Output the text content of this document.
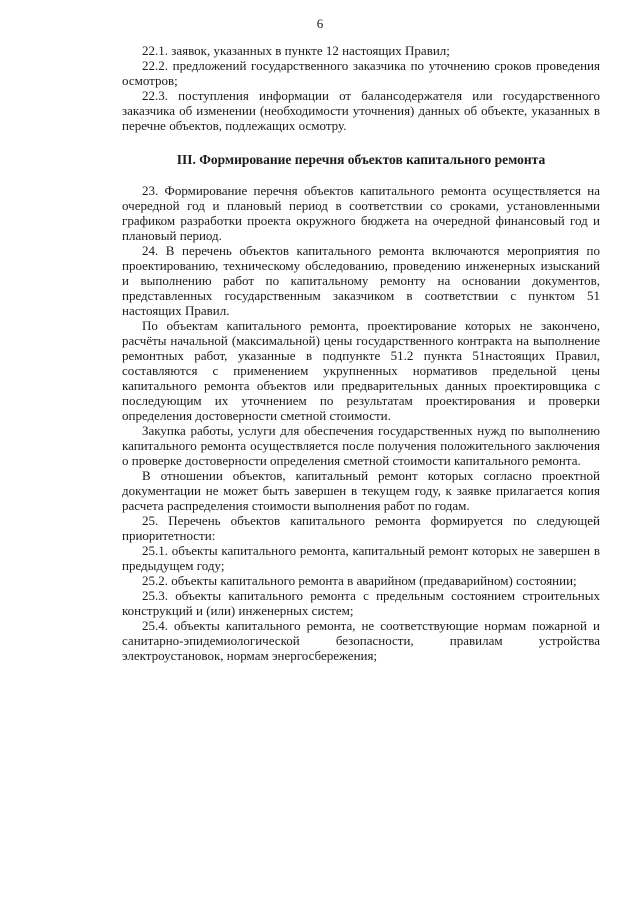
6

22.1. заявок, указанных в пункте 12 настоящих Правил;

22.2. предложений государственного заказчика по уточнению сроков проведения осмотров;

22.3. поступления информации от балансодержателя или государственного заказчика об изменении (необходимости уточнения) данных об объекте, указанных в перечне объектов, подлежащих осмотру.

III. Формирование перечня объектов капитального ремонта

23. Формирование перечня объектов капитального ремонта осуществляется на очередной год и плановый период в соответствии со сроками, установленными графиком разработки проекта окружного бюджета на очередной финансовый год и плановый период.

24. В перечень объектов капитального ремонта включаются мероприятия по проектированию, техническому обследованию, проведению инженерных изысканий и выполнению работ по капитальному ремонту на основании документов, представленных государственным заказчиком в соответствии с пунктом 51 настоящих Правил.

По объектам капитального ремонта, проектирование которых не закончено, расчёты начальной (максимальной) цены государственного контракта на выполнение ремонтных работ, указанные в подпункте 51.2 пункта 51настоящих Правил, составляются с применением укрупненных нормативов предельной цены капитального ремонта объектов или предварительных данных проектировщика с последующим их уточнением по результатам проектирования и проверки определения достоверности сметной стоимости.

Закупка работы, услуги для обеспечения государственных нужд по выполнению капитального ремонта осуществляется после получения положительного заключения о проверке достоверности определения сметной стоимости капитального ремонта.

В отношении объектов, капитальный ремонт которых согласно проектной документации не может быть завершен в текущем году, к заявке прилагается копия расчета распределения стоимости выполнения работ по годам.

25. Перечень объектов капитального ремонта формируется по следующей приоритетности:

25.1. объекты капитального ремонта, капитальный ремонт которых не завершен в предыдущем году;

25.2. объекты капитального ремонта в аварийном (предаварийном) состоянии;

25.3. объекты капитального ремонта с предельным состоянием строительных конструкций и (или) инженерных систем;

25.4. объекты капитального ремонта, не соответствующие нормам пожарной и санитарно-эпидемиологической безопасности, правилам устройства электроустановок, нормам энергосбережения;
